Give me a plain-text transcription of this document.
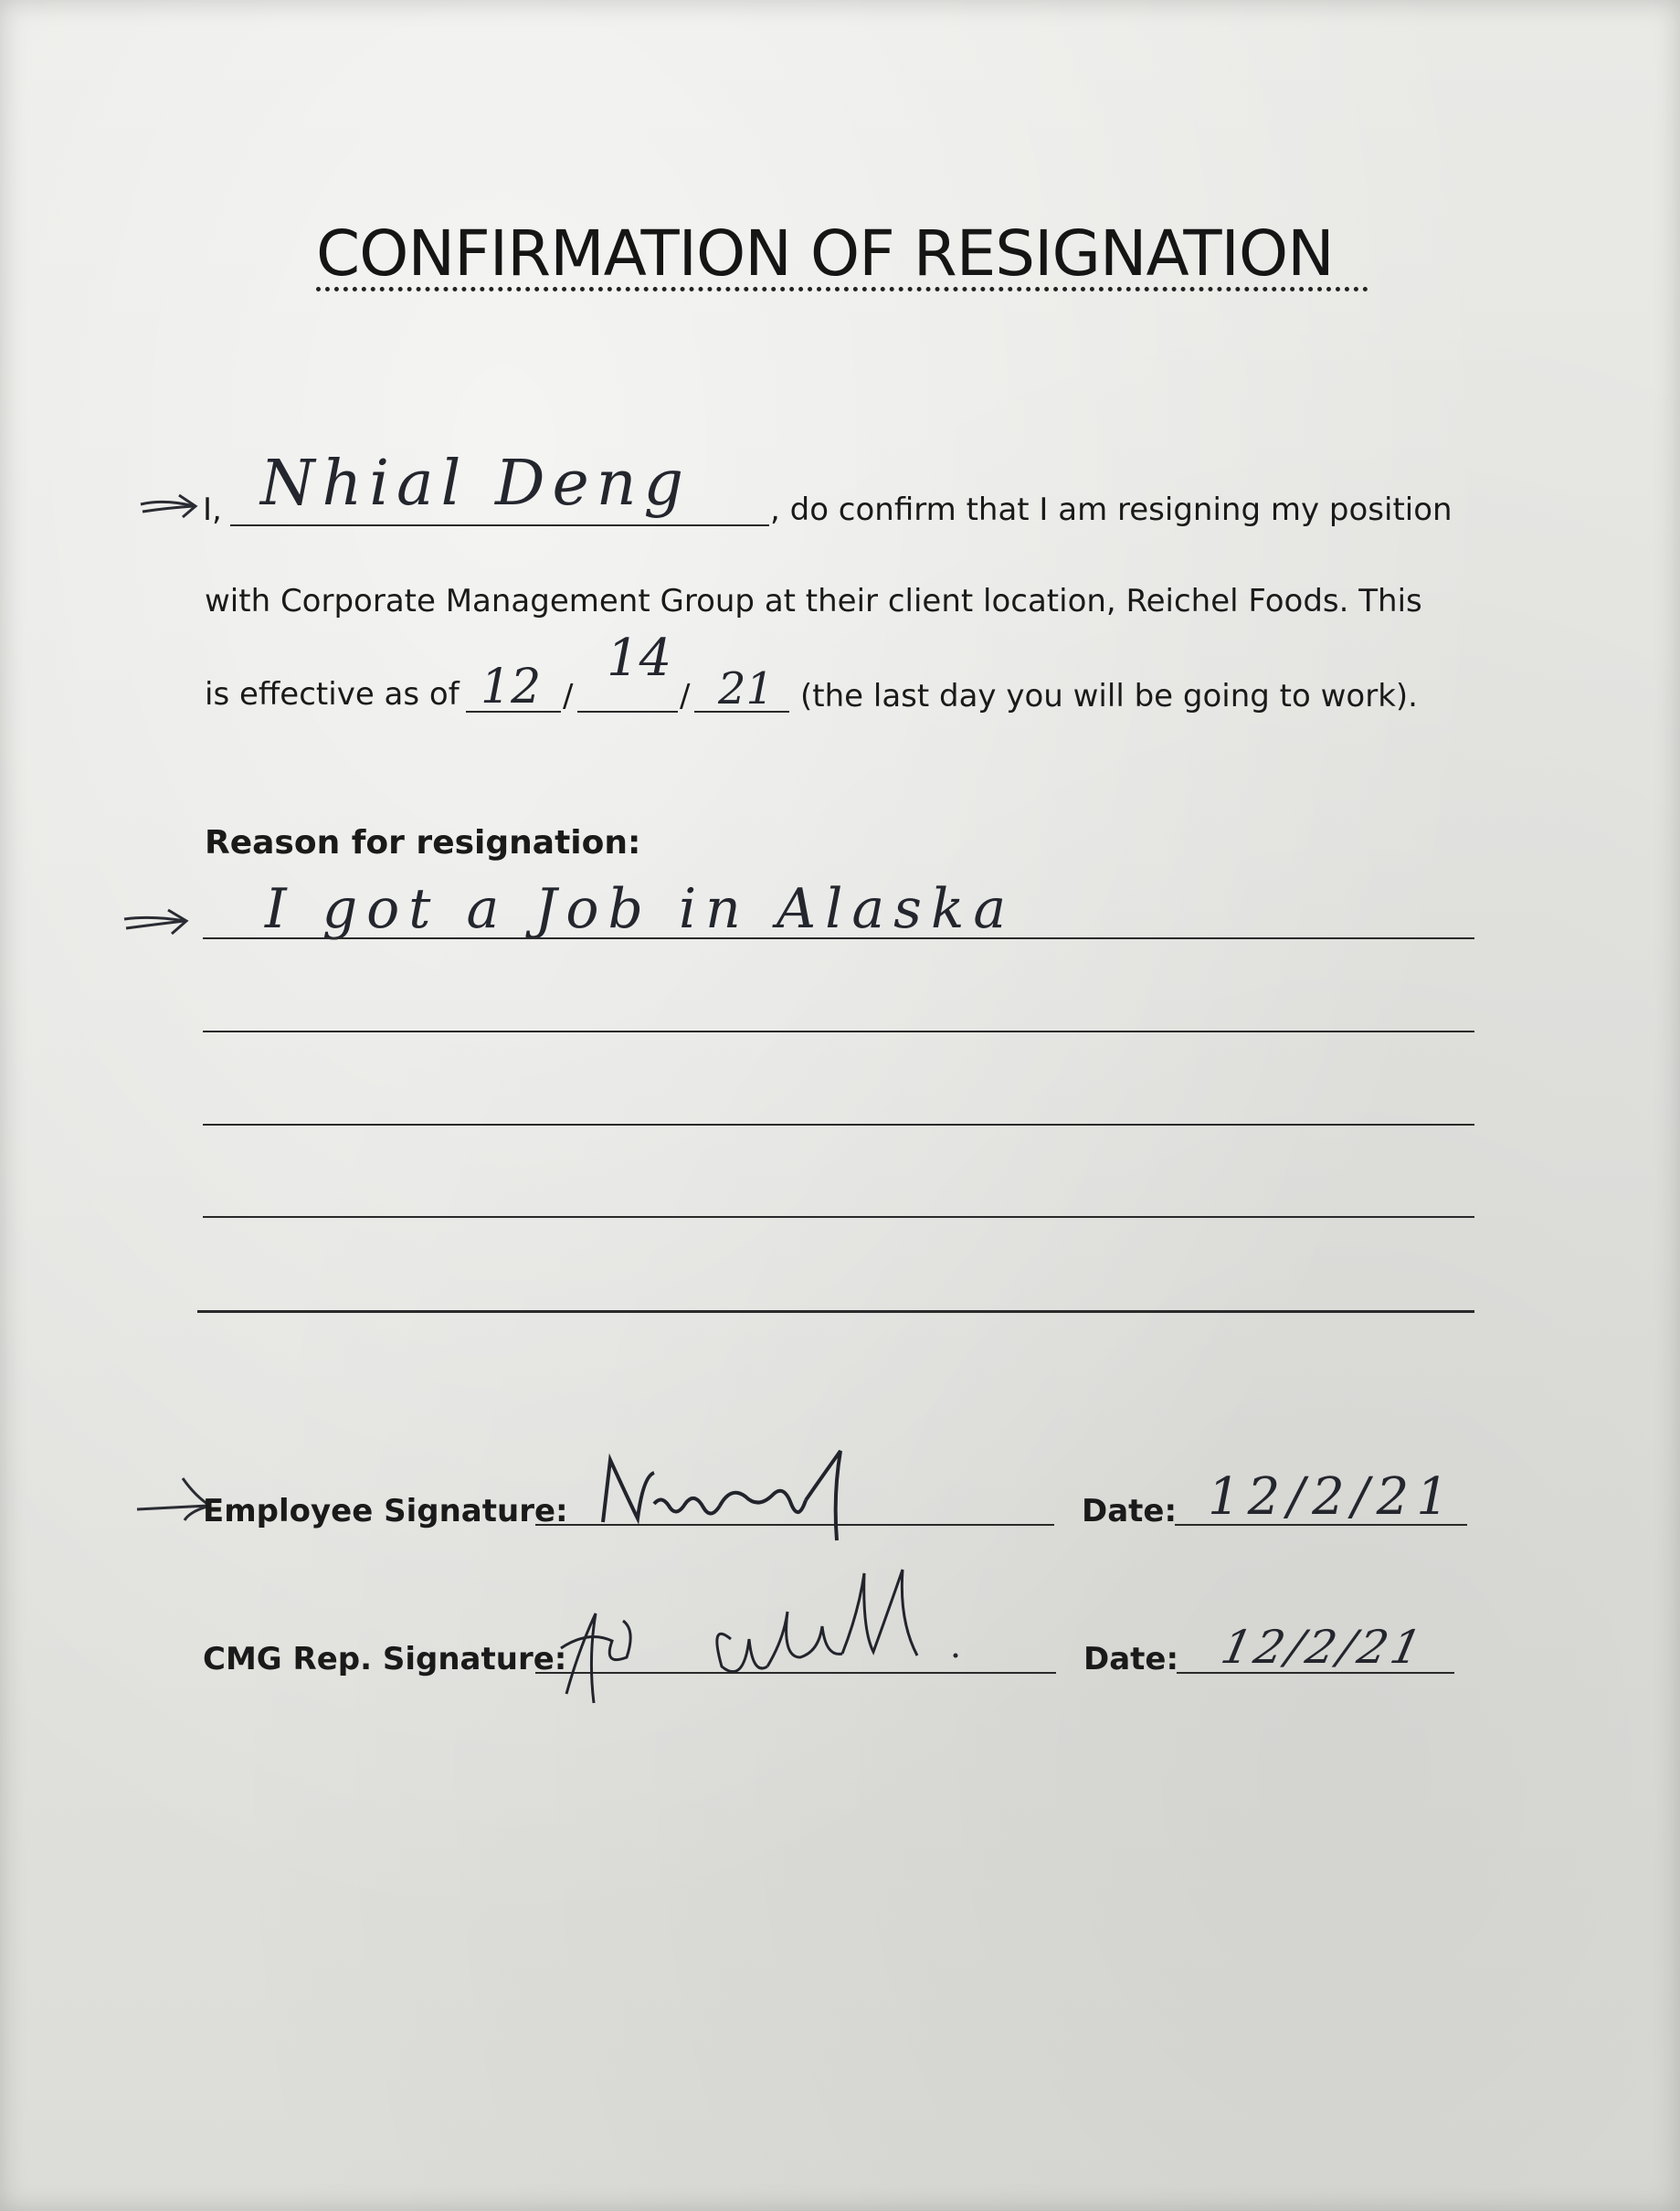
CONFIRMATION OF RESIGNATION
I, Nhial Deng	, do confirm that I am resigning my position
with Corporate Management Group at their client location, Reichel Foods. This
is effective as of 12 /
14
/ 21 (the last day you will be going to work).
Reason for resignation:
I got a Job in Alaska
Employee Signature:	Date: 12/2/21
CMG Rep. Signature:	Date: 12/2/21
